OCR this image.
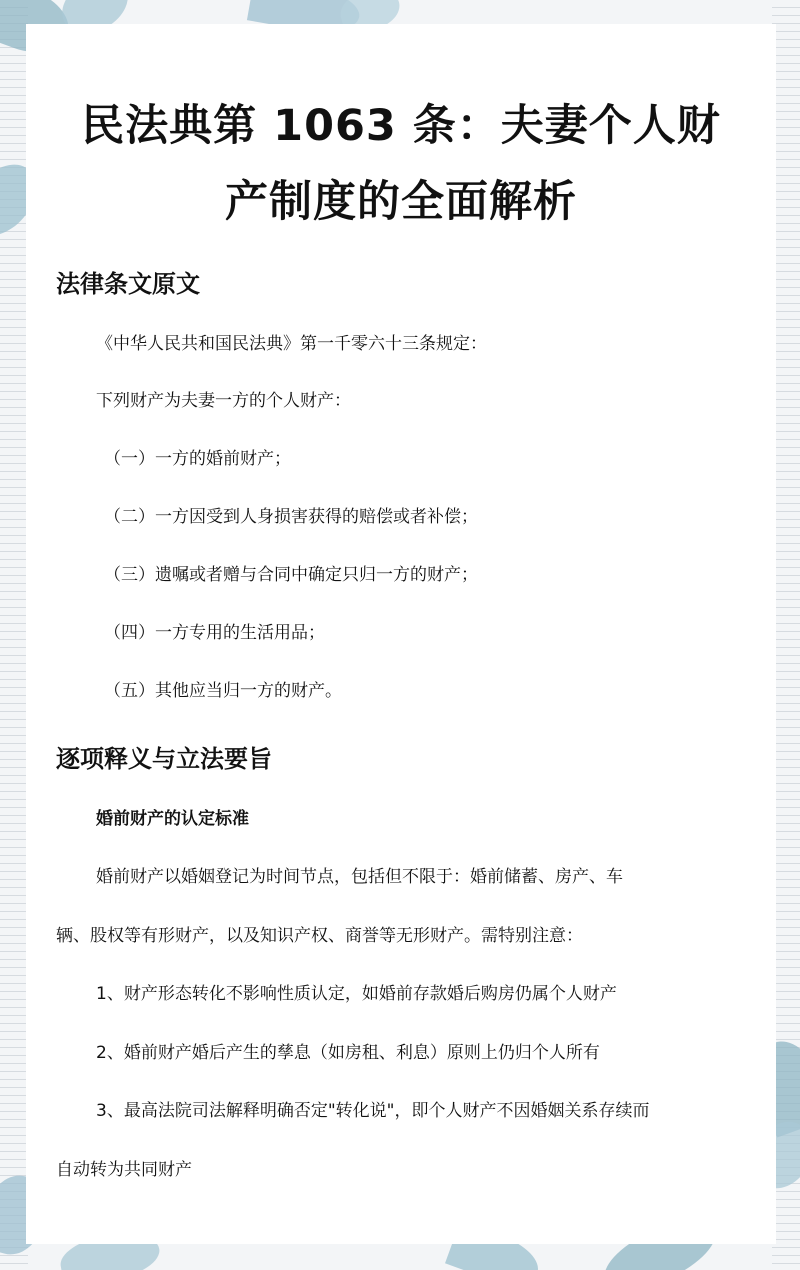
民法典第 1063 条：夫妻个人财产制度的全面解析
法律条文原文

《中华人民共和国民法典》第一千零六十三条规定：

下列财产为夫妻一方的个人财产：

（一）一方的婚前财产；

（二）一方因受到人身损害获得的赔偿或者补偿；

（三）遗嘱或者赠与合同中确定只归一方的财产；

（四）一方专用的生活用品；

（五）其他应当归一方的财产。

逐项释义与立法要旨
婚前财产的认定标准

婚前财产以婚姻登记为时间节点，包括但不限于：婚前储蓄、房产、车

辆、股权等有形财产，以及知识产权、商誉等无形财产。需特别注意：

1、财产形态转化不影响性质认定，如婚前存款婚后购房仍属个人财产

2、婚前财产婚后产生的孳息（如房租、利息）原则上仍归个人所有

3、最高法院司法解释明确否定"转化说"，即个人财产不因婚姻关系存续而

自动转为共同财产
